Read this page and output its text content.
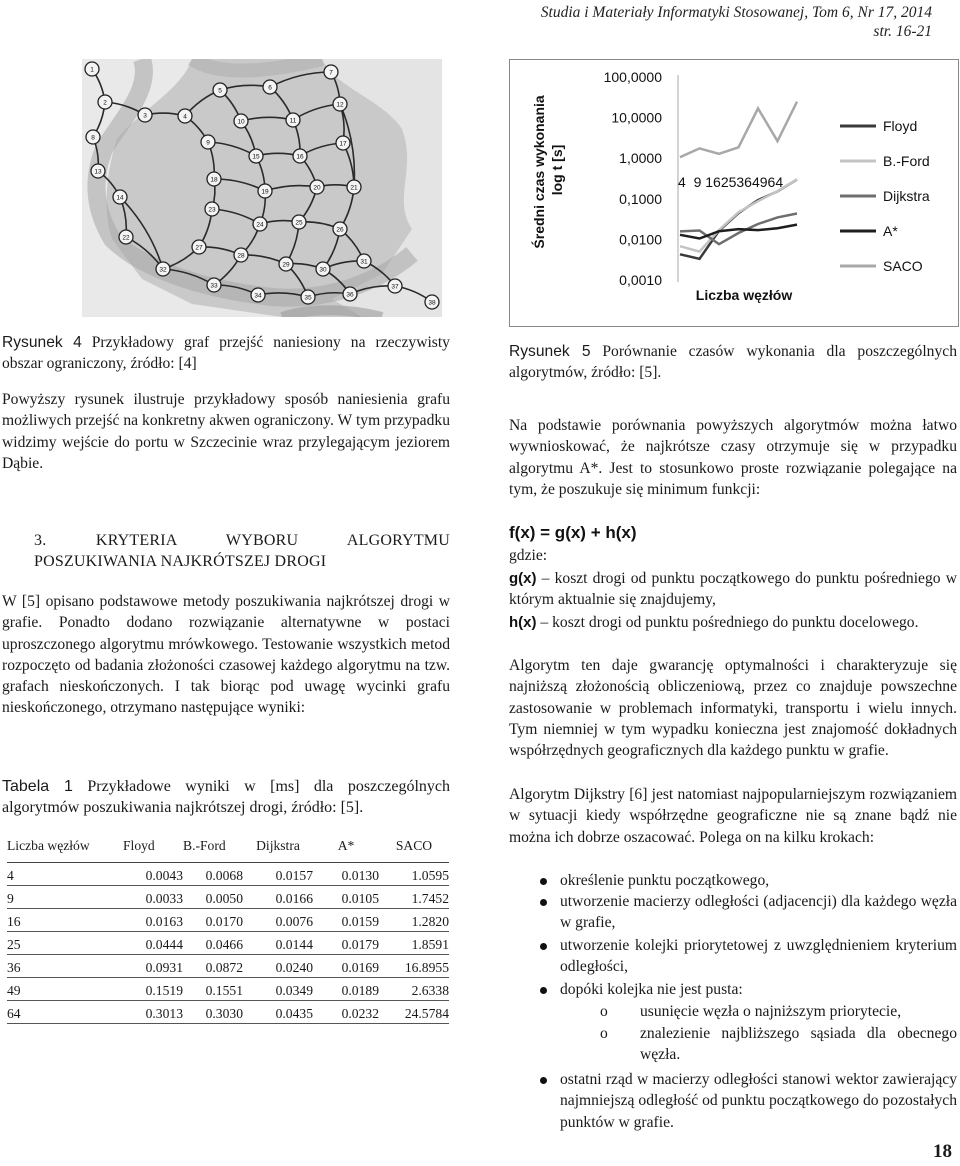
Studia i Materiały Informatyki Stosowanej, Tom 6, Nr 17, 2014
str. 16-21
1
2
3	4
5	6
7
8
9
10	11
12
13
14
15	16
17
18
19
20	21
22
23
24	25
26
27
28
29
30
31
32
33
34	35	36
37
38
Średni czas wykonania log t [s]
100,0000
10,0000
1,0000
0,1000
0,0100
0,0010
4  9 1625364964
Liczba węzłów
Floyd
B.-Ford
Dijkstra
A*
SACO
Rysunek 4 Przykładowy graf przejść naniesiony na rzeczywisty obszar ograniczony, źródło: [4]
Powyższy rysunek ilustruje przykładowy sposób naniesienia grafu możliwych przejść na konkretny akwen ograniczony. W tym przypadku widzimy wejście do portu w Szczecinie wraz przylegającym jeziorem Dąbie.
3. KRYTERIA WYBORU ALGORYTMU
POSZUKIWANIA NAJKRÓTSZEJ DROGI
W [5] opisano podstawowe metody poszukiwania najkrótszej drogi w grafie. Ponadto dodano rozwiązanie alternatywne w postaci uproszczonego algorytmu mrówkowego. Testowanie wszystkich metod rozpoczęto od badania złożoności czasowej każdego algorytmu na tzw. grafach nieskończonych. I tak biorąc pod uwagę wycinki grafu nieskończonego, otrzymano następujące wyniki:
Tabela 1 Przykładowe wyniki w [ms] dla poszczególnych algorytmów poszukiwania najkrótszej drogi, źródło: [5].
Liczba węzłów	Floyd	B.-Ford	Dijkstra	A*	SACO
4	0.0043	0.0068	0.0157	0.0130	1.0595
9	0.0033	0.0050	0.0166	0.0105	1.7452
16	0.0163	0.0170	0.0076	0.0159	1.2820
25	0.0444	0.0466	0.0144	0.0179	1.8591
36	0.0931	0.0872	0.0240	0.0169	16.8955
49	0.1519	0.1551	0.0349	0.0189	2.6338
64	0.3013	0.3030	0.0435	0.0232	24.5784
Rysunek 5 Porównanie czasów wykonania dla poszczególnych algorytmów, źródło: [5].
Na podstawie porównania powyższych algorytmów można łatwo wywnioskować, że najkrótsze czasy otrzymuje się w przypadku algorytmu A*. Jest to stosunkowo proste rozwiązanie polegające na tym, że poszukuje się minimum funkcji:
f(x) = g(x) + h(x)
gdzie:
g(x) – koszt drogi od punktu początkowego do punktu pośredniego w którym aktualnie się znajdujemy,
h(x) – koszt drogi od punktu pośredniego do punktu docelowego.
Algorytm ten daje gwarancję optymalności i charakteryzuje się najniższą złożonością obliczeniową, przez co znajduje powszechne zastosowanie w problemach informatyki, transportu i wielu innych. Tym niemniej w tym wypadku konieczna jest znajomość dokładnych współrzędnych geograficznych dla każdego punktu w grafie.
Algorytm Dijkstry [6] jest natomiast najpopularniejszym rozwiązaniem w sytuacji kiedy współrzędne geograficzne nie są znane bądź nie można ich dobrze oszacować. Polega on na kilku krokach:
określenie punktu początkowego,
utworzenie macierzy odległości (adjacencji) dla każdego węzła w grafie,
utworzenie kolejki priorytetowej z uwzględnieniem kryterium odległości,
dopóki kolejka nie jest pusta:
o usunięcie węzła o najniższym priorytecie,
o znalezienie najbliższego sąsiada dla obecnego węzła.
ostatni rząd w macierzy odległości stanowi wektor zawierający najmniejszą odległość od punktu początkowego do pozostałych punktów w grafie.
18
